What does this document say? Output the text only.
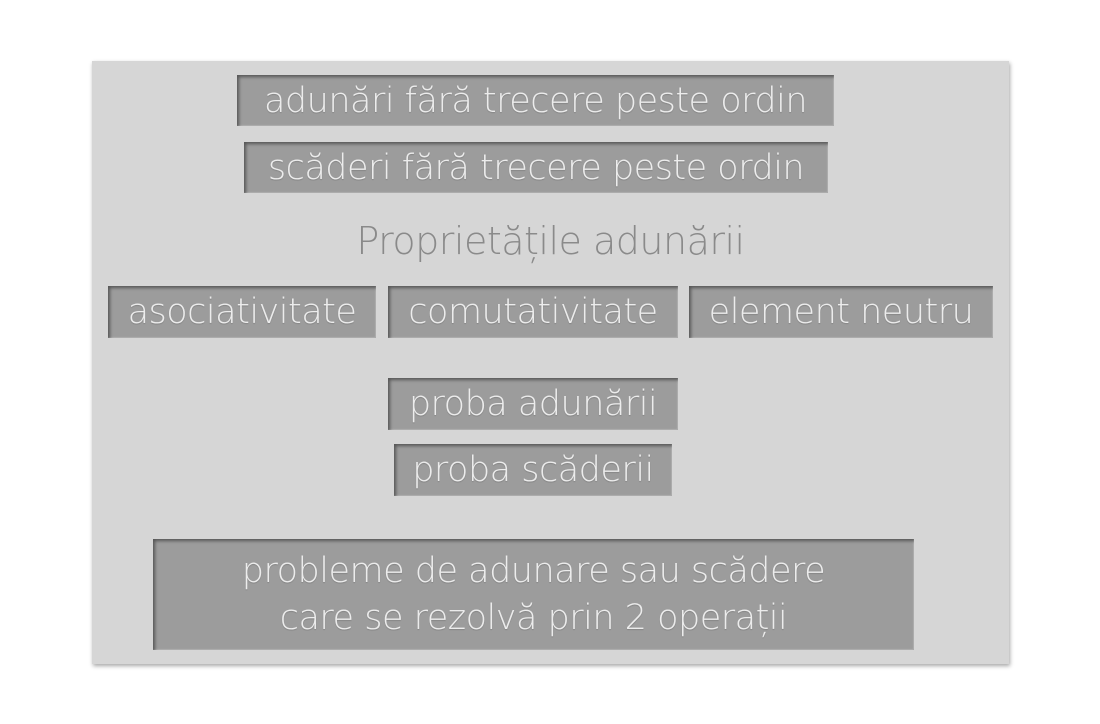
adunări fără trecere peste ordin
scăderi fără trecere peste ordin
Proprietățile adunării
asociativitate comutativitate element neutru
proba adunării
proba scăderii
probleme de adunare sau scădere
care se rezolvă prin 2 operații
